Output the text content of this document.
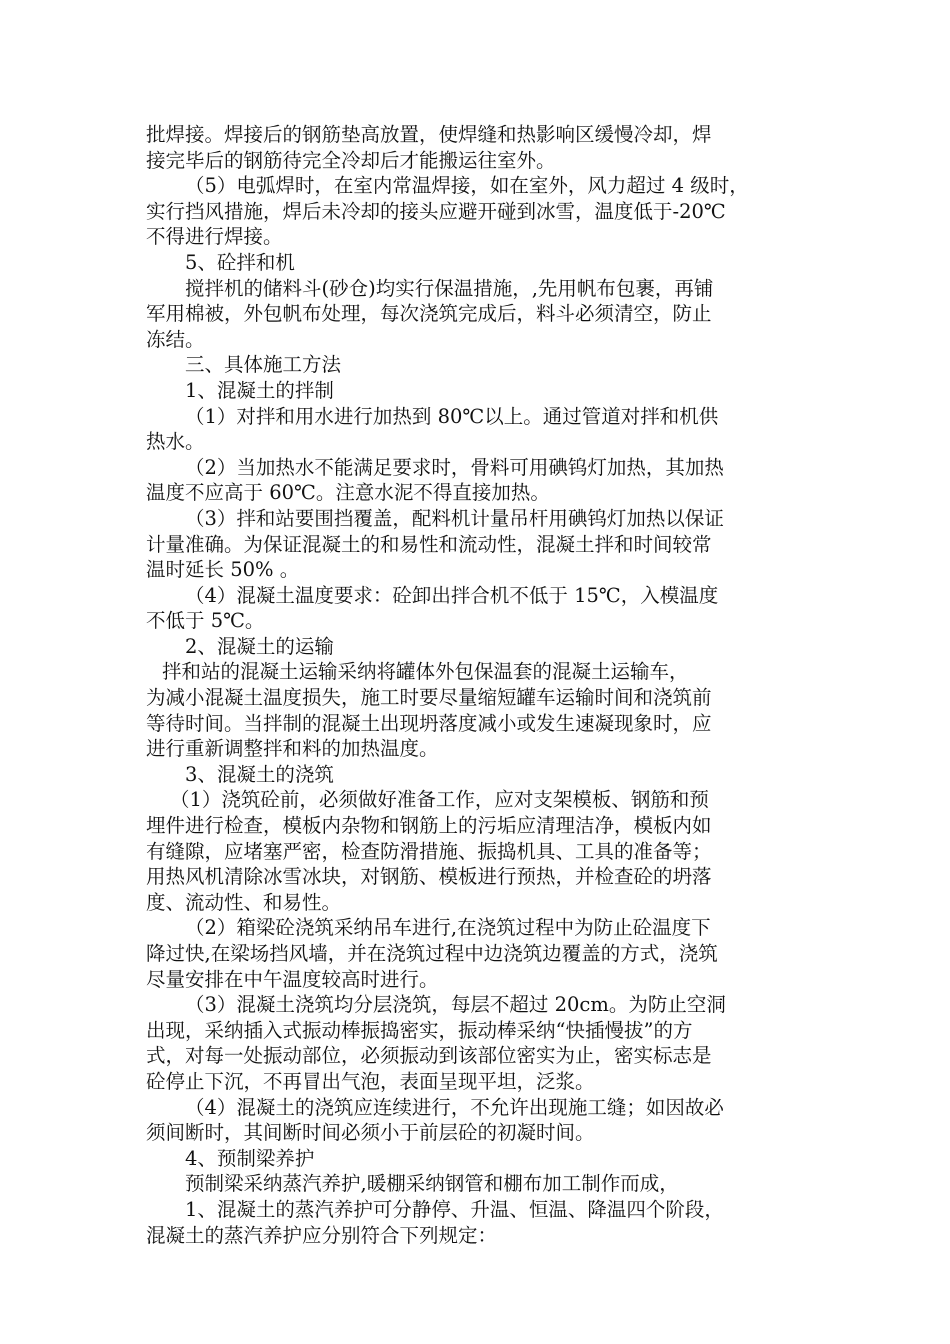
批焊接。焊接后的钢筋垫高放置，使焊缝和热影响区缓慢冷却，焊
接完毕后的钢筋待完全冷却后才能搬运往室外。
（5）电弧焊时，在室内常温焊接，如在室外，风力超过 4 级时，
实行挡风措施，焊后未冷却的接头应避开碰到冰雪，温度低于-20℃
不得进行焊接。
5、砼拌和机
搅拌机的储料斗(砂仓)均实行保温措施，,先用帆布包裹，再铺
军用棉被，外包帆布处理，每次浇筑完成后，料斗必须清空，防止
冻结。
三、具体施工方法
1、混凝土的拌制
（1）对拌和用水进行加热到 80℃以上。通过管道对拌和机供
热水。
（2）当加热水不能满足要求时，骨料可用碘钨灯加热，其加热
温度不应高于 60℃。注意水泥不得直接加热。
（3）拌和站要围挡覆盖，配料机计量吊杆用碘钨灯加热以保证
计量准确。为保证混凝土的和易性和流动性，混凝土拌和时间较常
温时延长 50% 。
（4）混凝土温度要求：砼卸出拌合机不低于 15℃，入模温度
不低于 5℃。
2、混凝土的运输
拌和站的混凝土运输采纳将罐体外包保温套的混凝土运输车，
为减小混凝土温度损失，施工时要尽量缩短罐车运输时间和浇筑前
等待时间。当拌制的混凝土出现坍落度减小或发生速凝现象时，应
进行重新调整拌和料的加热温度。
3、混凝土的浇筑
（1）浇筑砼前，必须做好准备工作，应对支架模板、钢筋和预
埋件进行检查，模板内杂物和钢筋上的污垢应清理洁净，模板内如
有缝隙，应堵塞严密，检查防滑措施、振捣机具、工具的准备等；
用热风机清除冰雪冰块，对钢筋、模板进行预热，并检查砼的坍落
度、流动性、和易性。
（2）箱梁砼浇筑采纳吊车进行,在浇筑过程中为防止砼温度下
降过快,在梁场挡风墙，并在浇筑过程中边浇筑边覆盖的方式，浇筑
尽量安排在中午温度较高时进行。
（3）混凝土浇筑均分层浇筑，每层不超过 20cm。为防止空洞
出现，采纳插入式振动棒振捣密实，振动棒采纳“快插慢拔”的方
式，对每一处振动部位，必须振动到该部位密实为止，密实标志是
砼停止下沉，不再冒出气泡，表面呈现平坦，泛浆。
（4）混凝土的浇筑应连续进行，不允许出现施工缝；如因故必
须间断时，其间断时间必须小于前层砼的初凝时间。
4、预制梁养护
预制梁采纳蒸汽养护,暖棚采纳钢管和棚布加工制作而成，
1、混凝土的蒸汽养护可分静停、升温、恒温、降温四个阶段，
混凝土的蒸汽养护应分别符合下列规定：
